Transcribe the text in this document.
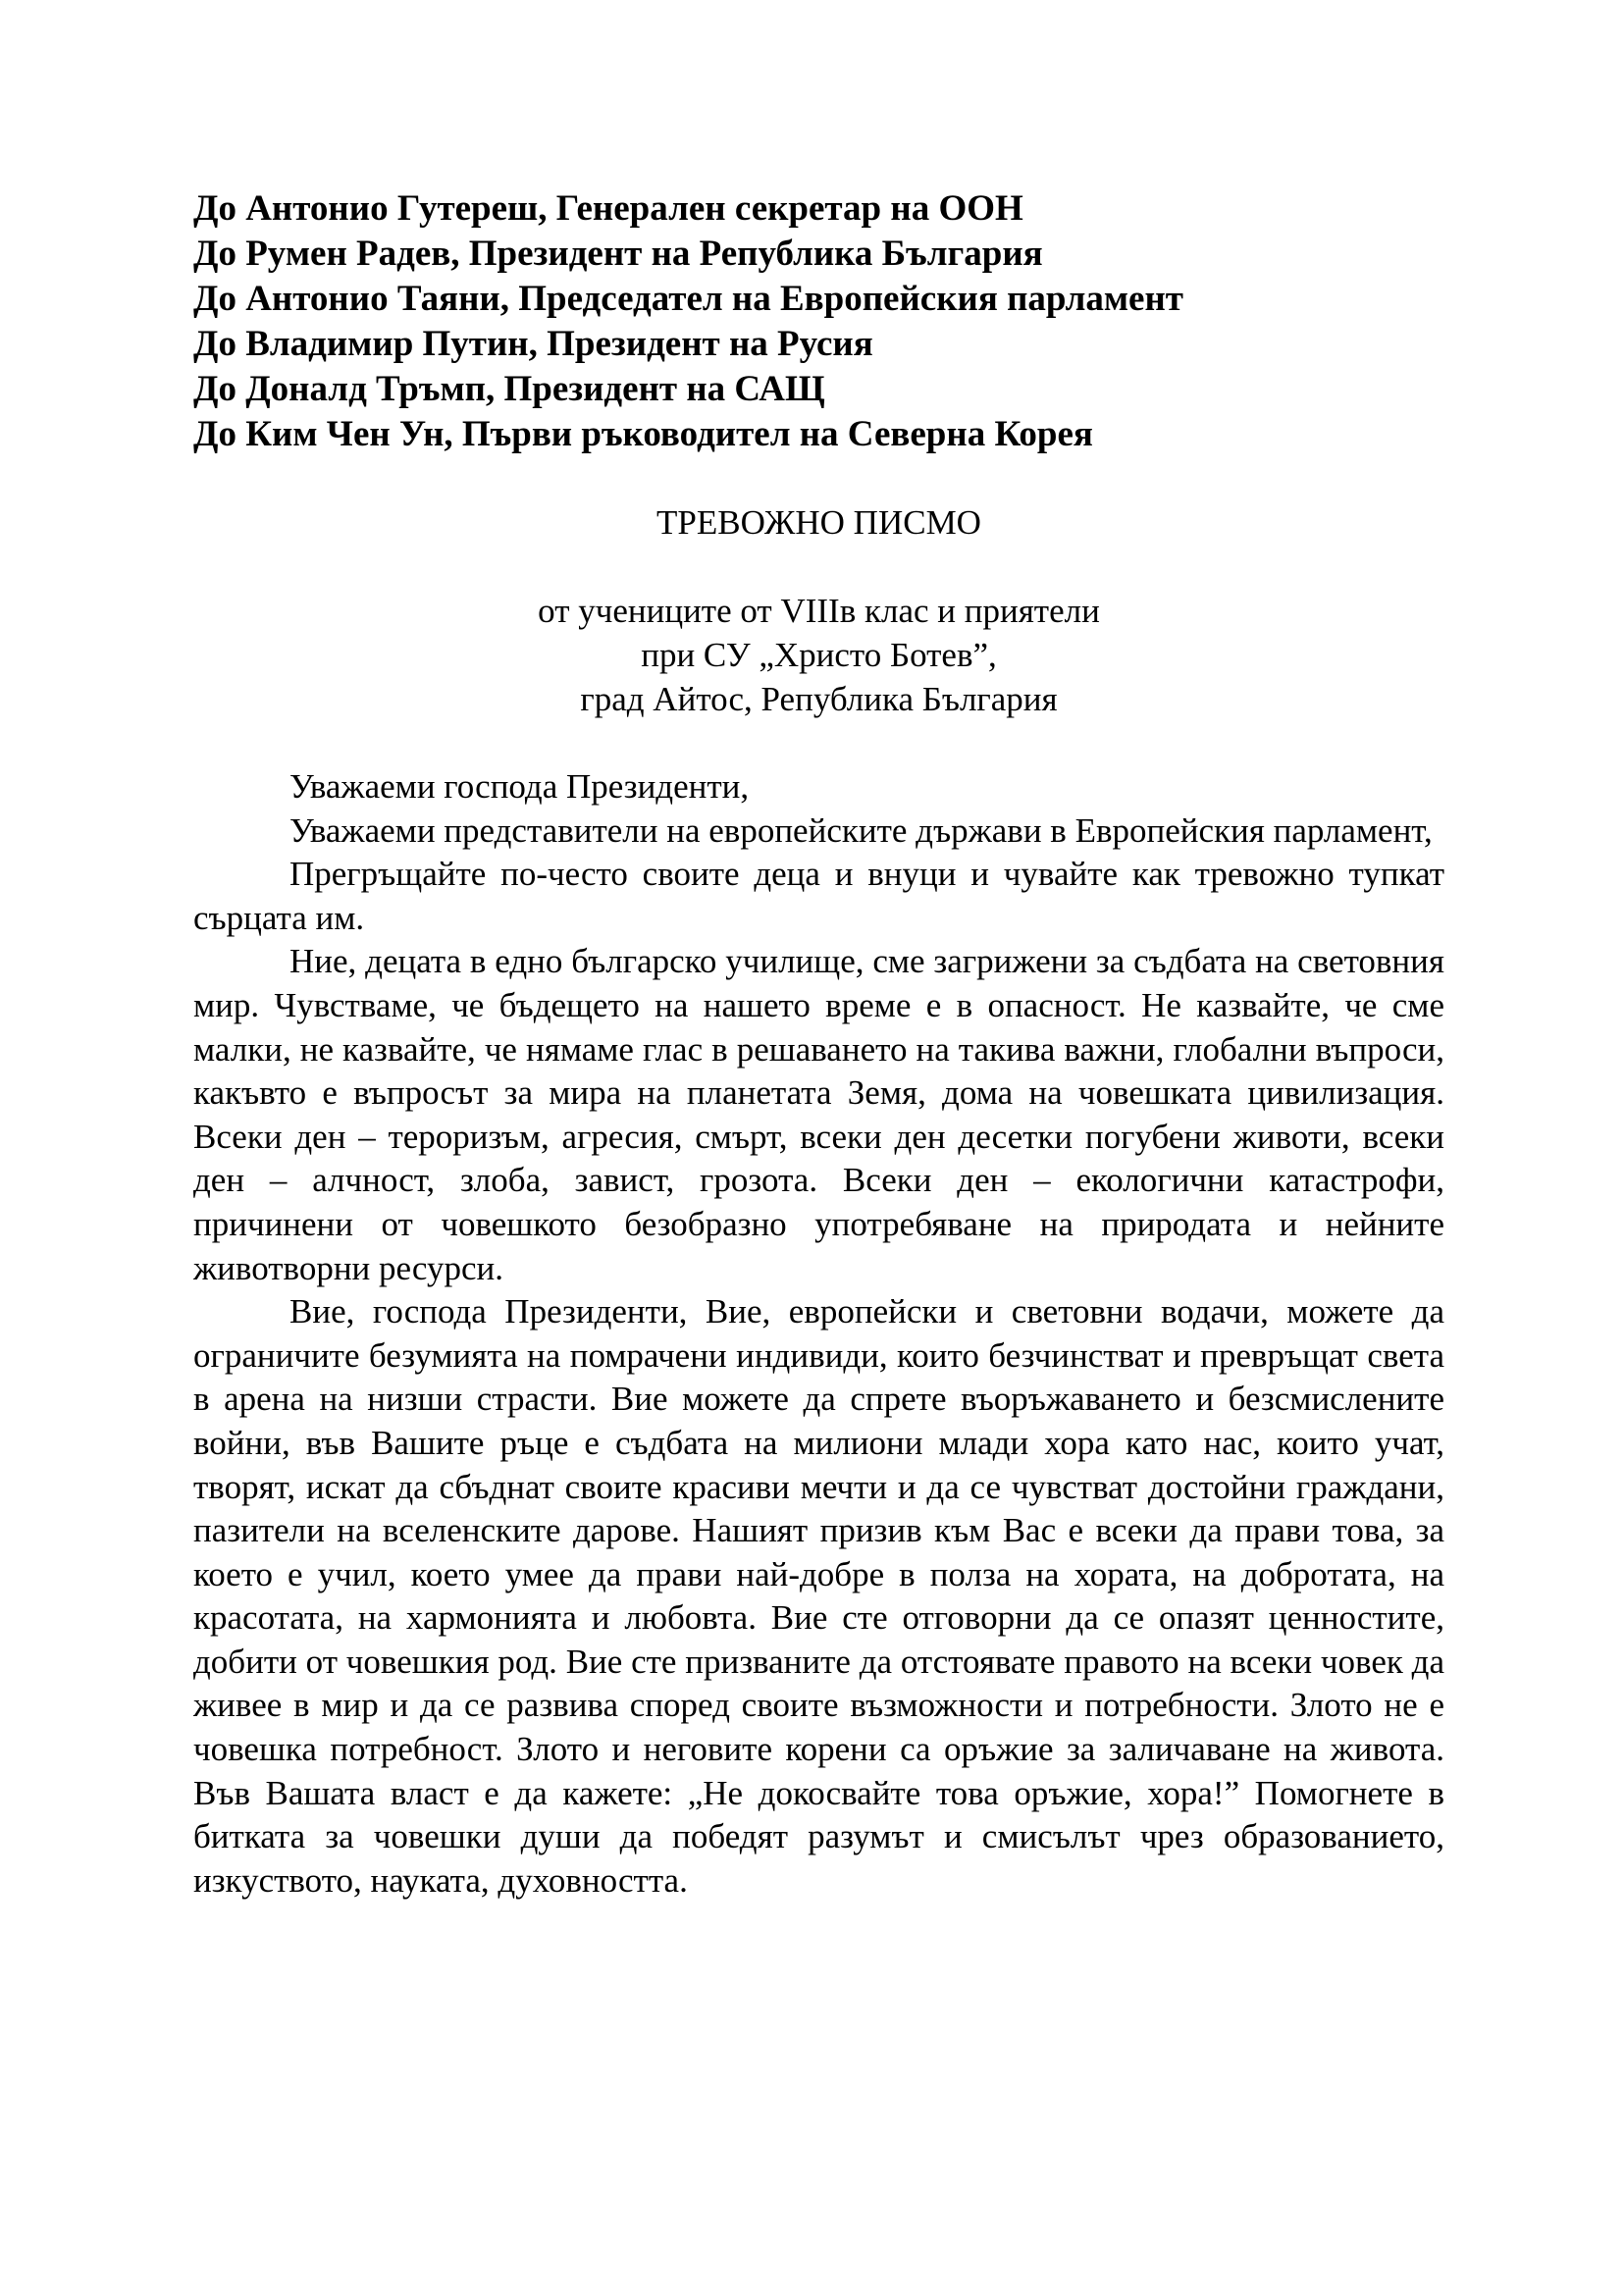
До Антонио Гутереш, Генерален секретар на ООН
До Румен Радев, Президент на Република България
До Антонио Таяни, Председател на Европейския парламент
До Владимир Путин, Президент на Русия
До Доналд Тръмп, Президент на САЩ
До Ким Чен Ун, Първи ръководител на Северна Корея
ТРЕВОЖНО ПИСМО
от учениците от VIIIв клас и приятели
при СУ „Христо Ботев”,
град Айтос, Република България

Уважаеми господа Президенти,

Уважаеми представители на европейските държави в Европейския парламент,

Прегръщайте по-често своите деца и внуци и чувайте как тревожно тупкат сърцата им.

Ние, децата в едно българско училище, сме загрижени за съдбата на световния мир. Чувстваме, че бъдещето на нашето време е в опасност. Не казвайте, че сме малки, не казвайте, че нямаме глас в решаването на такива важни, глобални въпроси, какъвто е въпросът за мира на планетата Земя, дома на човешката цивилизация. Всеки ден – тероризъм, агресия, смърт, всеки ден десетки погубени животи, всеки ден – алчност, злоба, завист, грозота. Всеки ден – екологични катастрофи, причинени от човешкото безобразно употребяване на природата и нейните животворни ресурси.

Вие, господа Президенти, Вие, европейски и световни водачи, можете да ограничите безумията на помрачени индивиди, които безчинстват и превръщат света в арена на низши страсти. Вие можете да спрете въоръжаването и безсмислените войни, във Вашите ръце е съдбата на милиони млади хора като нас, които учат, творят, искат да сбъднат своите красиви мечти и да се чувстват достойни граждани, пазители на вселенските дарове. Нашият призив към Вас е всеки да прави това, за което е учил, което умее да прави най-добре в полза на хората, на добротата, на красотата, на хармонията и любовта. Вие сте отговорни да се опазят ценностите, добити от човешкия род. Вие сте призваните да отстоявате правото на всеки човек да живее в мир и да се развива според своите възможности и потребности. Злото не е човешка потребност. Злото и неговите корени са оръжие за заличаване на живота. Във Вашата власт е да кажете: „Не докосвайте това оръжие, хора!” Помогнете в битката за човешки души да победят разумът и смисълът чрез образованието, изкуството, науката, духовността.
